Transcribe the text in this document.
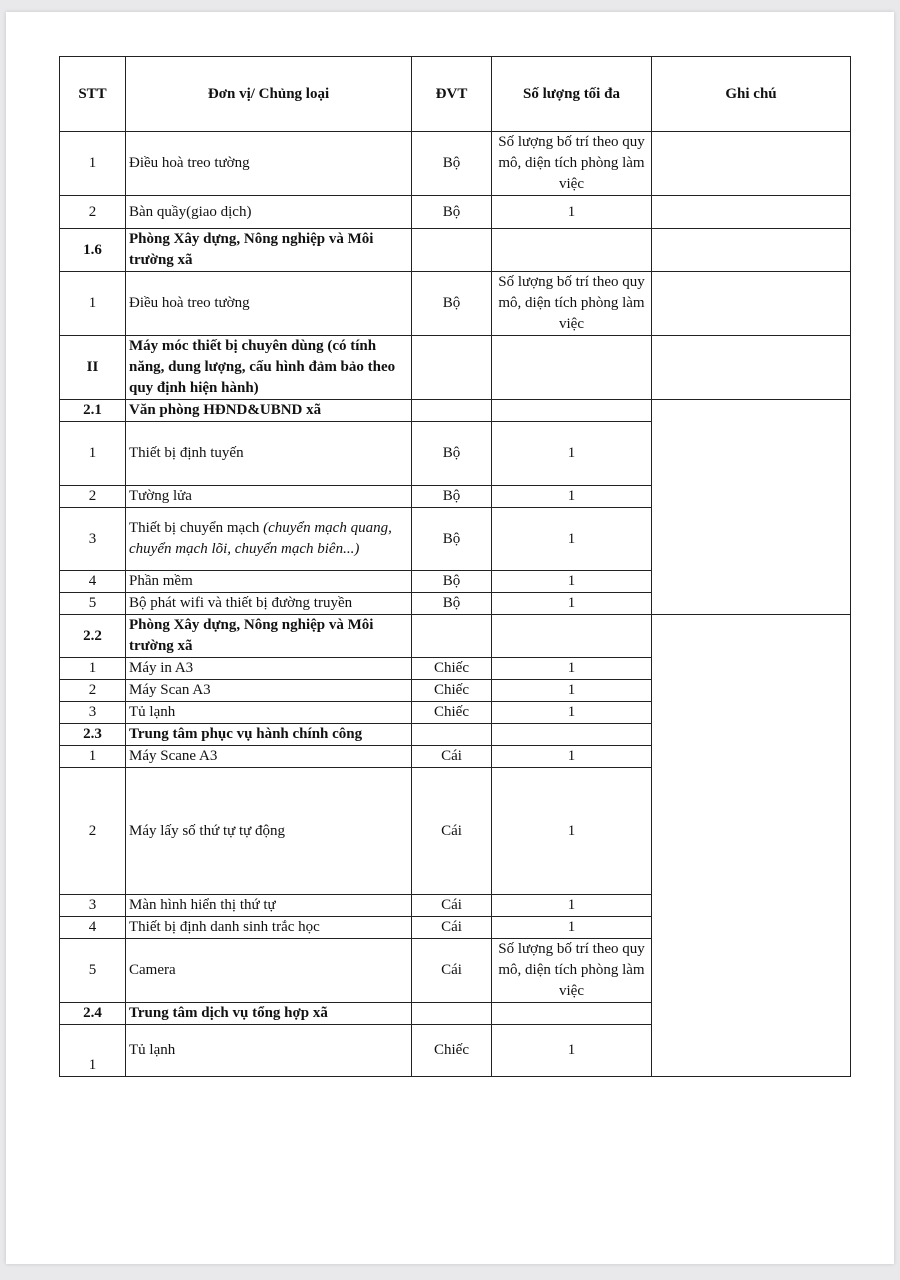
STT	Đơn vị/ Chủng loại	ĐVT	Số lượng tối đa	Ghi chú	
1	Điều hoà treo tường	Bộ	Số lượng bố trí theo quy mô, diện tích phòng làm việc		
2	Bàn quầy(giao dịch)	Bộ	1		
1.6	Phòng Xây dựng, Nông nghiệp và Môi trường xã				
1	Điều hoà treo tường	Bộ	Số lượng bố trí theo quy mô, diện tích phòng làm việc		
II	Máy móc thiết bị chuyên dùng (có tính năng, dung lượng, cấu hình đảm bảo theo quy định hiện hành)				
2.1	Văn phòng HĐND&UBND xã				
1	Thiết bị định tuyến	Bộ	1		
2	Tường lửa	Bộ	1		
3	Thiết bị chuyển mạch (chuyển mạch quang, chuyển mạch lõi, chuyển mạch biên...)	Bộ	1		
4	Phần mềm	Bộ	1		
5	Bộ phát wifi và thiết bị đường truyền	Bộ	1		
2.2	Phòng Xây dựng, Nông nghiệp và Môi trường xã				
1	Máy in A3	Chiếc	1		
2	Máy Scan A3	Chiếc	1		
3	Tủ lạnh	Chiếc	1		
2.3	Trung tâm phục vụ hành chính công				
1	Máy Scane A3	Cái	1		
2	Máy lấy số thứ tự tự động	Cái	1		
3	Màn hình hiển thị thứ tự	Cái	1		
4	Thiết bị định danh sinh trắc học	Cái	1		
5	Camera	Cái	Số lượng bố trí theo quy mô, diện tích phòng làm việc		
2.4	Trung tâm dịch vụ tổng hợp xã				
1	Tủ lạnh	Chiếc	1		
